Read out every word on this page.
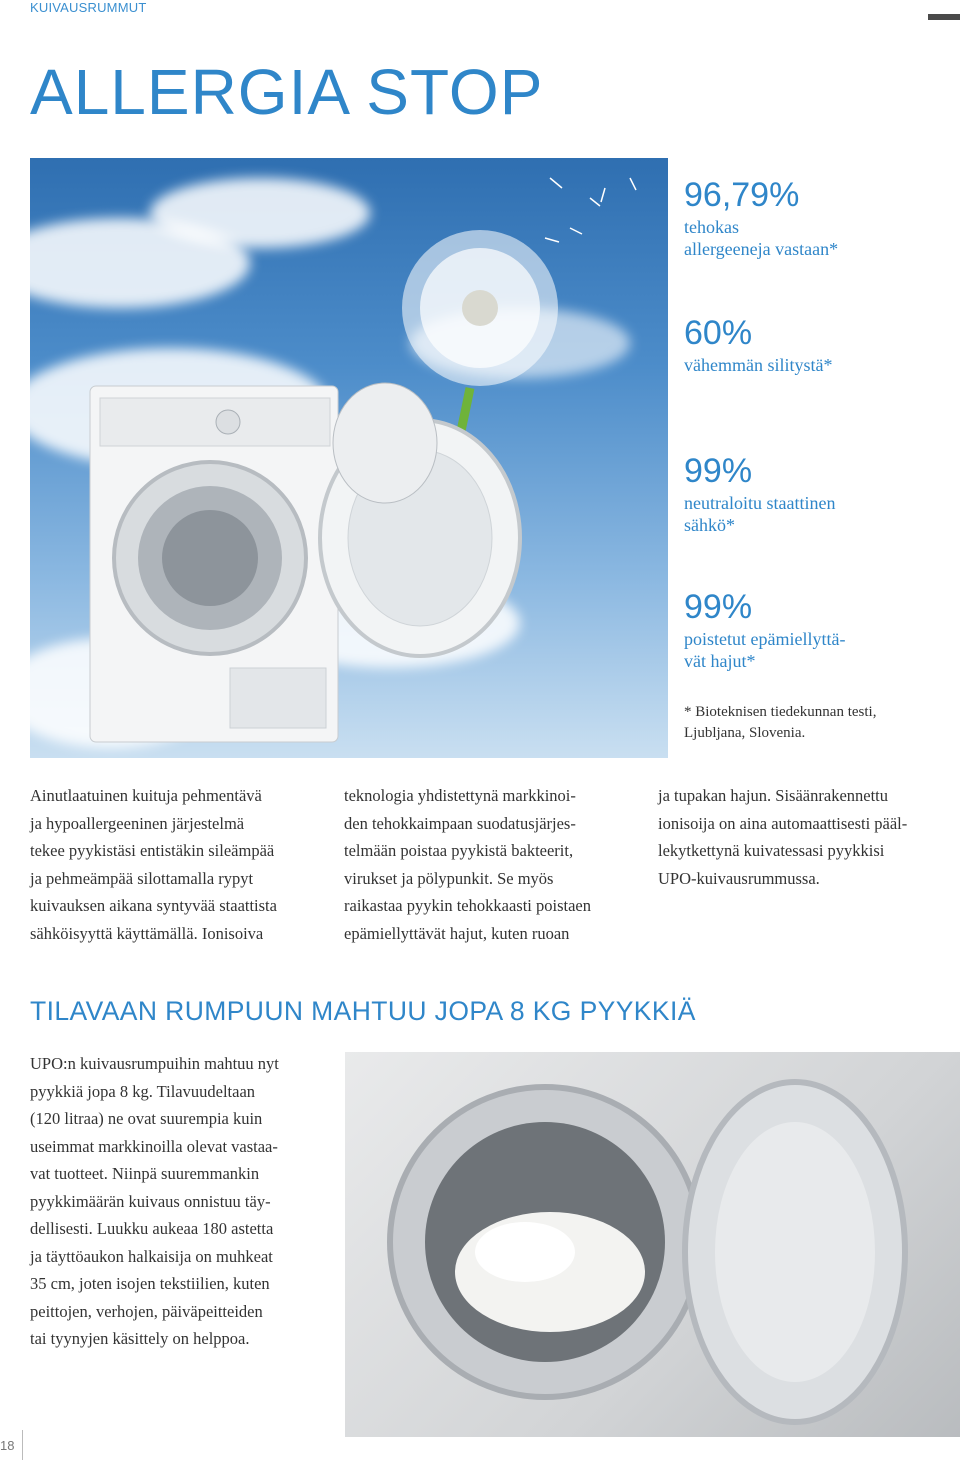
KUIVAUSRUMMUT
ALLERGIA STOP
96,79%
tehokas
allergeeneja vastaan*
60%
vähemmän silitystä*
99%
neutraloitu staattinen
sähkö*
99%
poistetut epämiellyttä-
vät hajut*
* Bioteknisen tiedekunnan testi,
Ljubljana, Slovenia.
Ainutlaatuinen kuituja pehmentävä
ja hypoallergeeninen järjestelmä
tekee pyykistäsi entistäkin sileämpää
ja pehmeämpää silottamalla rypyt
kuivauksen aikana syntyvää staattista
sähköisyyttä käyttämällä. Ionisoiva
teknologia yhdistettynä markkinoi-
den tehokkaimpaan suodatusjärjes-
telmään poistaa pyykistä bakteerit,
virukset ja pölypunkit. Se myös
raikastaa pyykin tehokkaasti poistaen
epämiellyttävät hajut, kuten ruoan
ja tupakan hajun. Sisäänrakennettu
ionisoija on aina automaattisesti pääl-
lekytkettynä kuivatessasi pyykkisi
UPO-kuivausrummussa.
TILAVAAN RUMPUUN MAHTUU JOPA 8 KG PYYKKIÄ
UPO:n kuivausrumpuihin mahtuu nyt
pyykkiä jopa 8 kg. Tilavuudeltaan
(120 litraa) ne ovat suurempia kuin
useimmat markkinoilla olevat vastaa-
vat tuotteet. Niinpä suuremmankin
pyykkimäärän kuivaus onnistuu täy-
dellisesti. Luukku aukeaa 180 astetta
ja täyttöaukon halkaisija on muhkeat
35 cm, joten isojen tekstiilien, kuten
peittojen, verhojen, päiväpeitteiden
tai tyynyjen käsittely on helppoa.
18
